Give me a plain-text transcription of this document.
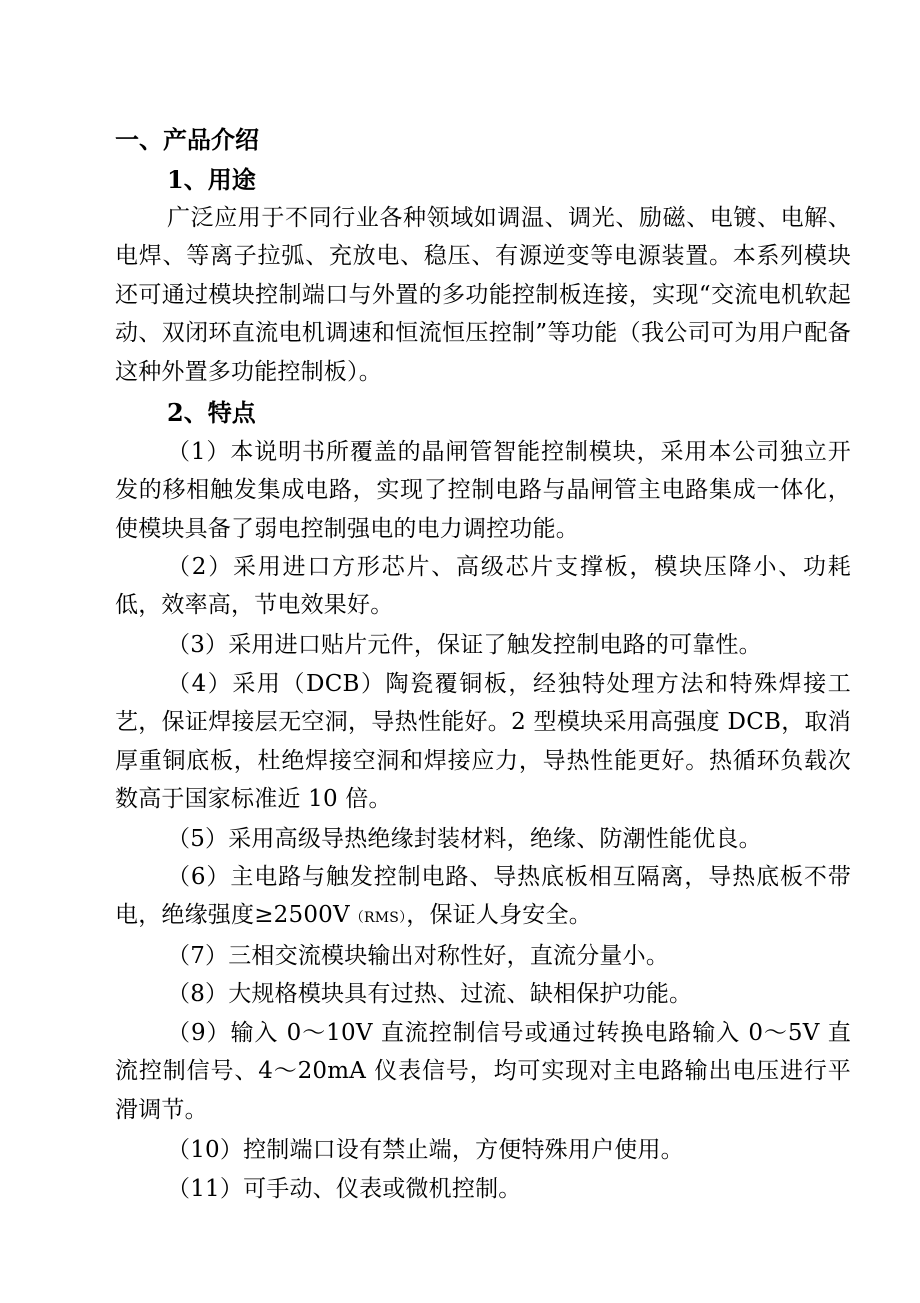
一、产品介绍
1、用途
广泛应用于不同行业各种领域如调温、调光、励磁、电镀、电解、电焊、等离子拉弧、充放电、稳压、有源逆变等电源装置。本系列模块还可通过模块控制端口与外置的多功能控制板连接，实现“交流电机软起动、双闭环直流电机调速和恒流恒压控制”等功能（我公司可为用户配备这种外置多功能控制板）。
2、特点
（1）本说明书所覆盖的晶闸管智能控制模块，采用本公司独立开发的移相触发集成电路，实现了控制电路与晶闸管主电路集成一体化，使模块具备了弱电控制强电的电力调控功能。
（2）采用进口方形芯片、高级芯片支撑板，模块压降小、功耗低，效率高，节电效果好。
（3）采用进口贴片元件，保证了触发控制电路的可靠性。
（4）采用（DCB）陶瓷覆铜板，经独特处理方法和特殊焊接工艺，保证焊接层无空洞，导热性能好。2 型模块采用高强度 DCB，取消厚重铜底板，杜绝焊接空洞和焊接应力，导热性能更好。热循环负载次数高于国家标准近 10 倍。
（5）采用高级导热绝缘封装材料，绝缘、防潮性能优良。
（6）主电路与触发控制电路、导热底板相互隔离，导热底板不带电，绝缘强度≥2500V（RMS），保证人身安全。
（7）三相交流模块输出对称性好，直流分量小。
（8）大规格模块具有过热、过流、缺相保护功能。
（9）输入 0～10V 直流控制信号或通过转换电路输入 0～5V 直流控制信号、4～20mA 仪表信号，均可实现对主电路输出电压进行平滑调节。
（10）控制端口设有禁止端，方便特殊用户使用。
（11）可手动、仪表或微机控制。
